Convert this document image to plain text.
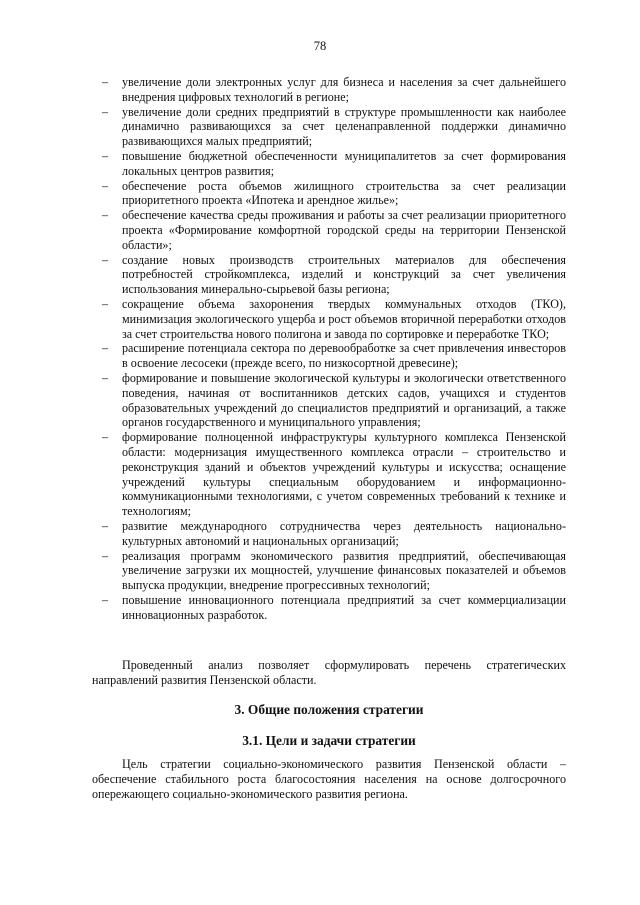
78
– увеличение доли электронных услуг для бизнеса и населения за счет дальнейшего внедрения цифровых технологий в регионе;
– увеличение доли средних предприятий в структуре промышленности как наиболее динамично развивающихся за счет целенаправленной поддержки динамично развивающихся малых предприятий;
– повышение бюджетной обеспеченности муниципалитетов за счет формирования локальных центров развития;
– обеспечение роста объемов жилищного строительства за счет реализации приоритетного проекта «Ипотека и арендное жилье»;
– обеспечение качества среды проживания и работы за счет реализации приоритетного проекта «Формирование комфортной городской среды на территории Пензенской области»;
– создание новых производств строительных материалов для обеспечения потребностей стройкомплекса, изделий и конструкций за счет увеличения использования минерально-сырьевой базы региона;
– сокращение объема захоронения твердых коммунальных отходов (ТКО), минимизация экологического ущерба и рост объемов вторичной переработки отходов за счет строительства нового полигона и завода по сортировке и переработке ТКО;
– расширение потенциала сектора по деревообработке за счет привлечения инвесторов в освоение лесосеки (прежде всего, по низкосортной древесине);
– формирование и повышение экологической культуры и экологически ответственного поведения, начиная от воспитанников детских садов, учащихся и студентов образовательных учреждений до специалистов предприятий и организаций, а также органов государственного и муниципального управления;
– формирование полноценной инфраструктуры культурного комплекса Пензенской области: модернизация имущественного комплекса отрасли – строительство и реконструкция зданий и объектов учреждений культуры и искусства; оснащение учреждений культуры специальным оборудованием и информационно-коммуникационными технологиями, с учетом современных требований к технике и технологиям;
– развитие международного сотрудничества через деятельность национально-культурных автономий и национальных организаций;
– реализация программ экономического развития предприятий, обеспечивающая увеличение загрузки их мощностей, улучшение финансовых показателей и объемов выпуска продукции, внедрение прогрессивных технологий;
– повышение инновационного потенциала предприятий за счет коммерциализации инновационных разработок.

Проведенный анализ позволяет сформулировать перечень стратегических направлений развития Пензенской области.

3. Общие положения стратегии
3.1. Цели и задачи стратегии

Цель стратегии социально-экономического развития Пензенской области – обеспечение стабильного роста благосостояния населения на основе долгосрочного опережающего социально-экономического развития региона.
